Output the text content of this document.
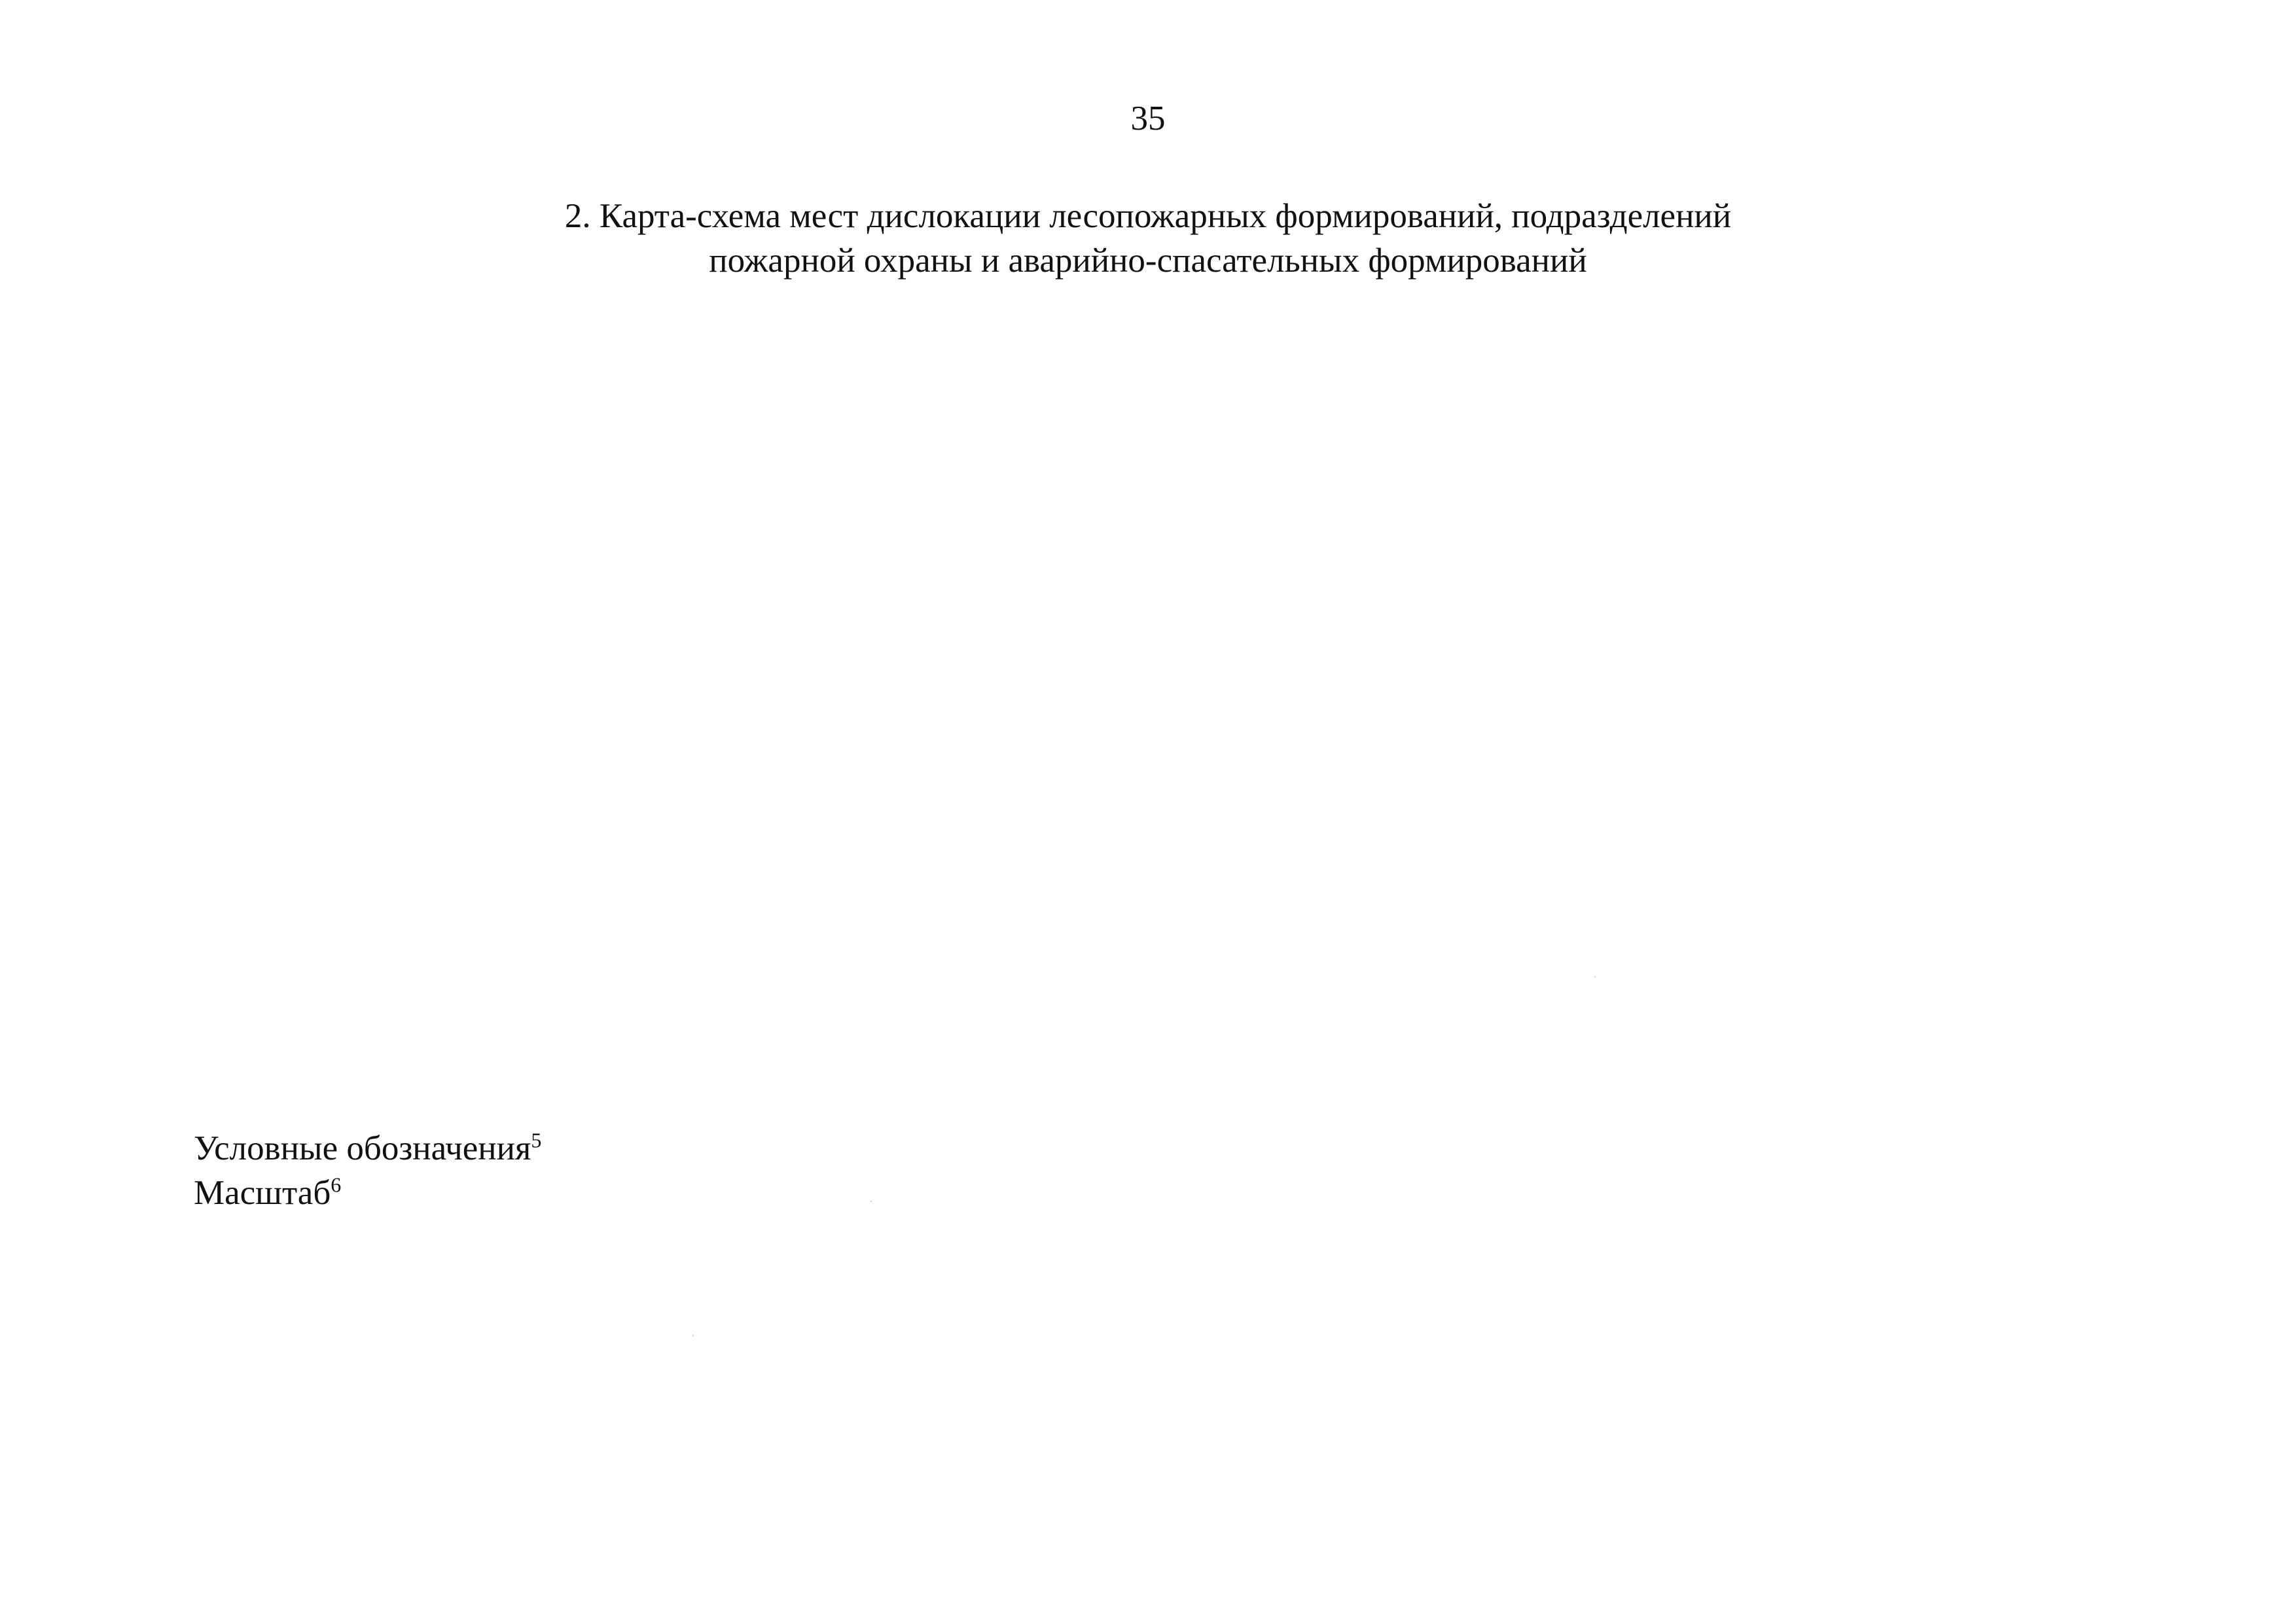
35
2. Карта-схема мест дислокации лесопожарных формирований, подразделений
пожарной охраны и аварийно-спасательных формирований
Условные обозначения$^5$
Масштаб$^6$
